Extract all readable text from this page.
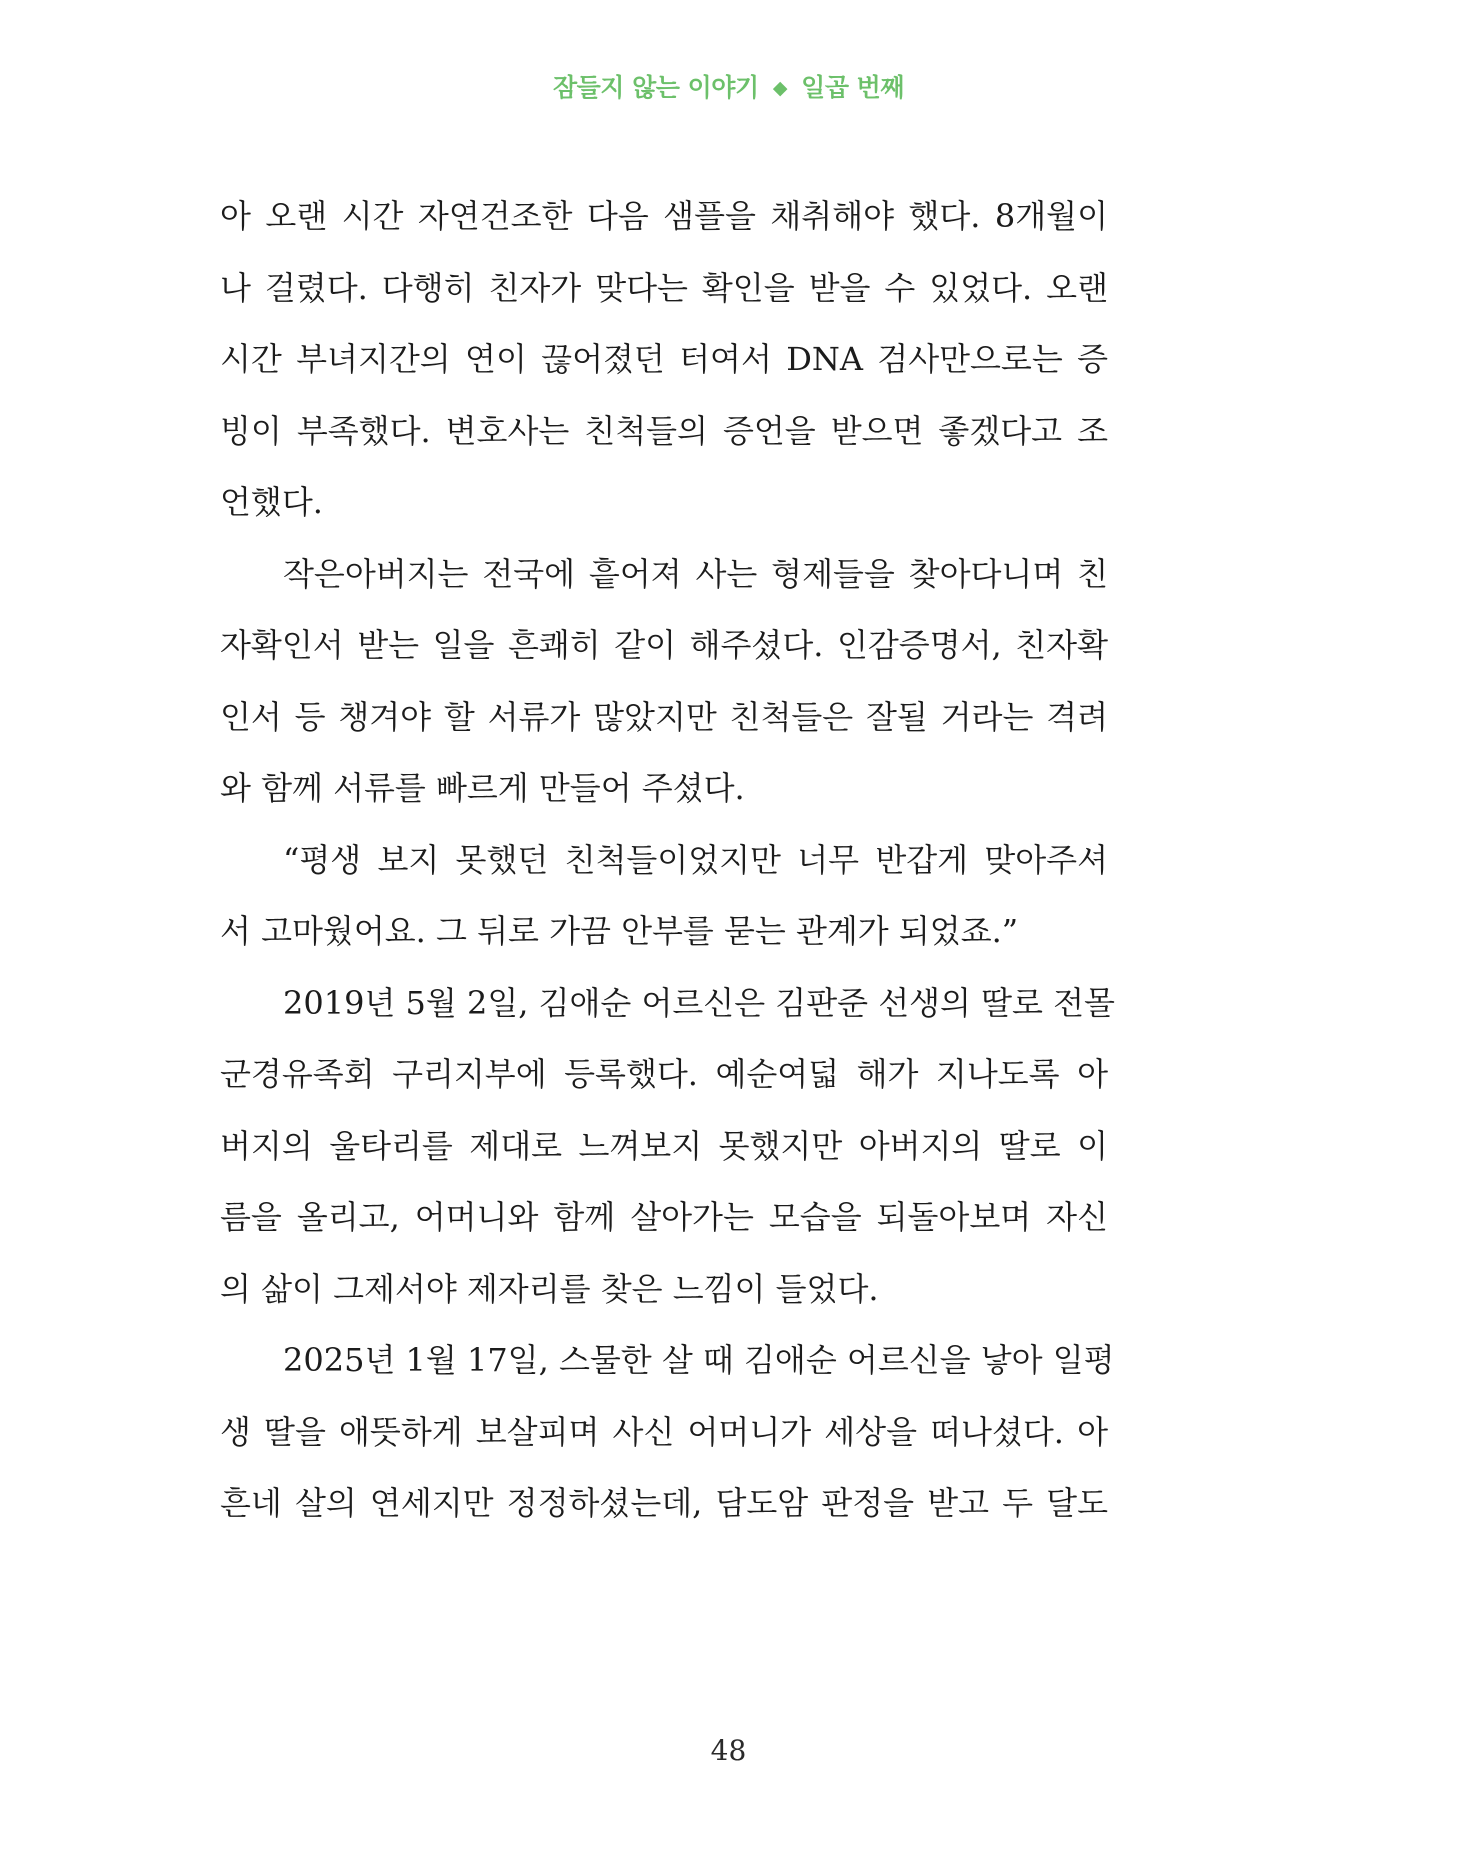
잠들지 않는 이야기 ◆ 일곱 번째
아 오랜 시간 자연건조한 다음 샘플을 채취해야 했다. 8개월이
나 걸렸다. 다행히 친자가 맞다는 확인을 받을 수 있었다. 오랜
시간 부녀지간의 연이 끊어졌던 터여서 DNA 검사만으로는 증
빙이 부족했다. 변호사는 친척들의 증언을 받으면 좋겠다고 조
언했다.
작은아버지는 전국에 흩어져 사는 형제들을 찾아다니며 친
자확인서 받는 일을 흔쾌히 같이 해주셨다. 인감증명서, 친자확
인서 등 챙겨야 할 서류가 많았지만 친척들은 잘될 거라는 격려
와 함께 서류를 빠르게 만들어 주셨다.
“평생 보지 못했던 친척들이었지만 너무 반갑게 맞아주셔
서 고마웠어요. 그 뒤로 가끔 안부를 묻는 관계가 되었죠.”
2019년 5월 2일, 김애순 어르신은 김판준 선생의 딸로 전몰
군경유족회 구리지부에 등록했다. 예순여덟 해가 지나도록 아
버지의 울타리를 제대로 느껴보지 못했지만 아버지의 딸로 이
름을 올리고, 어머니와 함께 살아가는 모습을 되돌아보며 자신
의 삶이 그제서야 제자리를 찾은 느낌이 들었다.
2025년 1월 17일, 스물한 살 때 김애순 어르신을 낳아 일평
생 딸을 애뜻하게 보살피며 사신 어머니가 세상을 떠나셨다. 아
흔네 살의 연세지만 정정하셨는데, 담도암 판정을 받고 두 달도
48
